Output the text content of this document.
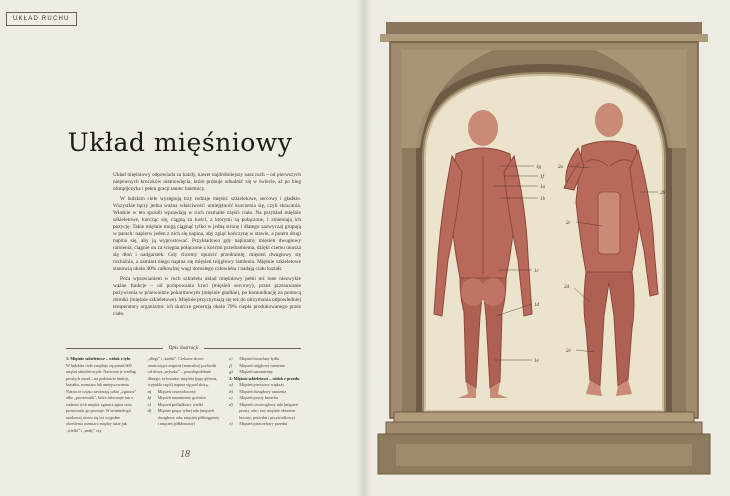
UKŁAD RUCHU
Układ mięśniowy

Układ mięśniowy odpowiada za każdy, nawet najdrobniejszy nasz ruch – od pierwszych niepewnych kroczków niemowlęcia, które próbuje odnaleźć się w świecie, aż po bieg olimpijczyka i pełen gracji taniec baletnicy.

W ludzkim ciele występują trzy rodzaje mięśni: szkieletowe, sercowy i gładkie. Wszystkie łączy jedna ważna właściwość: umiejętność kurczenia się, czyli skracania. Właśnie w ten sposób wprawiają w ruch rozmaite części ciała. Na przykład mięśnie szkieletowe, kurcząc się, ciągną za kości, z którymi są połączone, i zmieniają ich pozycję. Takie mięśnie mogą ciągnąć tylko w jedną stronę i dlatego zazwyczaj grupują w parach: napierw jeden z nich się napina, aby zgiąć kończynę w stawie, a potem drugi napina się, aby ją wyprostować. Przykładowo gdy napinamy mięsień dwugłowy ramienia, ciągnie on za ścięgna połączone z kośćmi przedramienia, dzięki czemu unosza się dłoń i nadgarstek. Gdy chcemy opuścić przedramię, mięsień dwugłowy się rozluźnia, a zamiast niego napina się mięsień trójgłowy ramienia. Mięśnie szkieletowe stanowią około 40% całkowitej wagi dorosłego człowieka i nadają ciału kształt.

Poza wprawianiem w ruch szkieletu układ mięśniowy pełni też inne niezwykle ważne funkcje – od pompowania krwi (mięsień sercowy), przez przesuwanie pożywienia w przewodzie pokarmowym (mięśnie gładkie), po komunikację za pomocą mimiki (mięśnie szkieletowe). Mięśnie przyczyniają się też do utrzymania odpowiedniej temperatury organizmu: ich skurcze generują około 70% ciepła produkowanego przez ciało.

Opis ilustracji
1: Mięśnie szkieletowe – widok z tyłu
W ludzkim ciele znajduje się ponad 600 mięśni szkieletowych. Nazwane je według prostych zasad – na podstawie funkcji, kształtu, rozmiaru lub umiejscowienia. Nazwa te często zawierają człon „zginacz” albo „prostownik”, które informuje nas o zadaniu tych mięśni: zginacz zgina staw, prostownik go prostuje. W terminologii naukowej słowo się też wygodne określenia rozmiaru między takie jak „wielki” i „mały” czy
„długi” i „krótki”. Ciekawe słowo oznaczające mięsień (musculus) pochodzi od słowa „myszka” – prawdopodobnie dlatego, że brzusiec mięśnia (jego główna, wypukła część) napina się pod skórą.
a)	Mięsień czworoboczny
b)	Mięsień naramienny grzbietu
c)	Mięsień pośladkowy wielki
d)	Mięśnie grupy tylnej uda (mięsień dwugłowy uda, mięsień półścięgnisty i mięsień półbłoniasty)
e)	Mięsień brzuchaty łydki
f)	Mięsień trójgłowy ramienia
g)	Mięsień naramienny
2: Mięśnie szkieletowe – widok z przodu
a)	Mięsień piersiowy większy
b)	Mięsień dwugłowy ramienia
c)	Mięsień prosty brzucha
d)	Mięsień czworogłowy uda (mięsień prosty uda i trzy mięśnie obszerne boczny, pośredni i przyśrodkowy)
e)	Mięsień piszczelowy przedni
18
1g
1f
1a
1b
1c
1d
1e
2a
2b
2c
2d
2e
